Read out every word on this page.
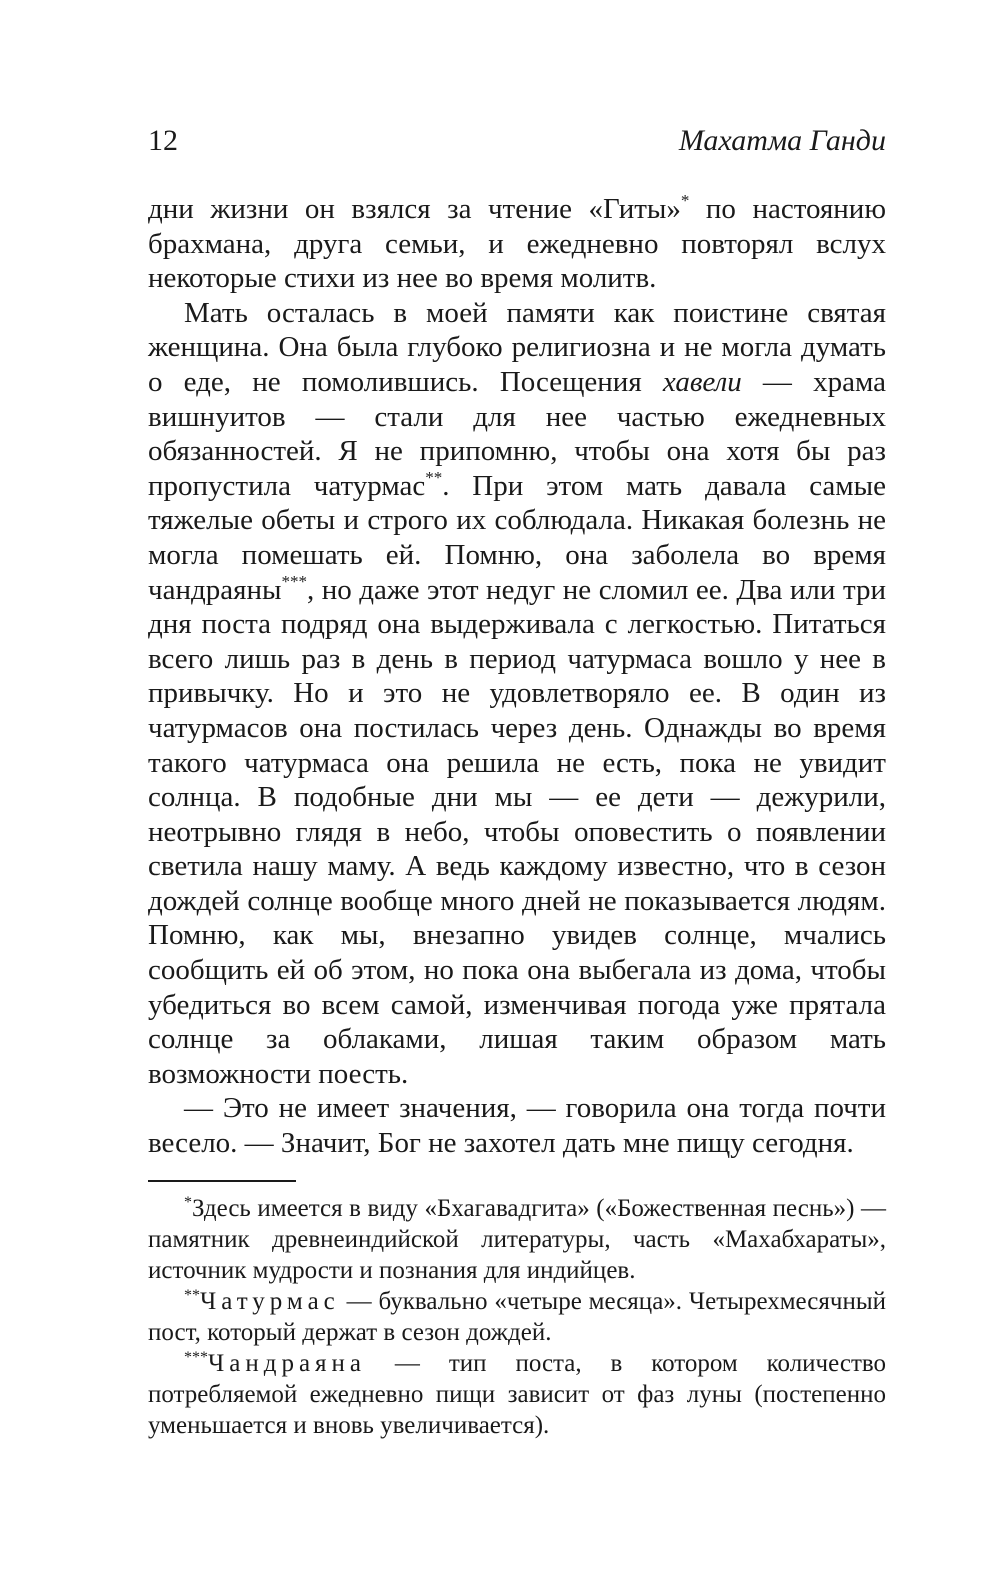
12	Махатма Ганди

дни жизни он взялся за чтение «Гиты»* по настоянию брахмана, друга семьи, и ежедневно повторял вслух некоторые стихи из нее во время молитв.

Мать осталась в моей памяти как поистине святая женщина. Она была глубоко религиозна и не могла думать о еде, не помолившись. Посещения хавели — храма вишнуитов — стали для нее частью ежедневных обязанностей. Я не припомню, чтобы она хотя бы раз пропустила чатурмас**. При этом мать давала самые тяжелые обеты и строго их соблюдала. Никакая болезнь не могла помешать ей. Помню, она заболела во время чандраяны***, но даже этот недуг не сломил ее. Два или три дня поста подряд она выдерживала с легкостью. Питаться всего лишь раз в день в период чатурмаса вошло у нее в привычку. Но и это не удовлетворяло ее. В один из чатурмасов она постилась через день. Однажды во время такого чатурмаса она решила не есть, пока не увидит солнца. В подобные дни мы — ее дети — дежурили, неотрывно глядя в небо, чтобы оповестить о появлении светила нашу маму. А ведь каждому известно, что в сезон дождей солнце вообще много дней не показывается людям. Помню, как мы, внезапно увидев солнце, мчались сообщить ей об этом, но пока она выбегала из дома, чтобы убедиться во всем самой, изменчивая погода уже прятала солнце за облаками, лишая таким образом мать возможности поесть.

— Это не имеет значения, — говорила она тогда почти весело. — Значит, Бог не захотел дать мне пищу сегодня.

*Здесь имеется в виду «Бхагавадгита» («Божественная песнь») — памятник древнеиндийской литературы, часть «Махабхараты», источник мудрости и познания для индийцев.

**Чатурмас — буквально «четыре месяца». Четырехмесячный пост, который держат в сезон дождей.

***Чандраяна — тип поста, в котором количество потребляемой ежедневно пищи зависит от фаз луны (постепенно уменьшается и вновь увеличивается).
